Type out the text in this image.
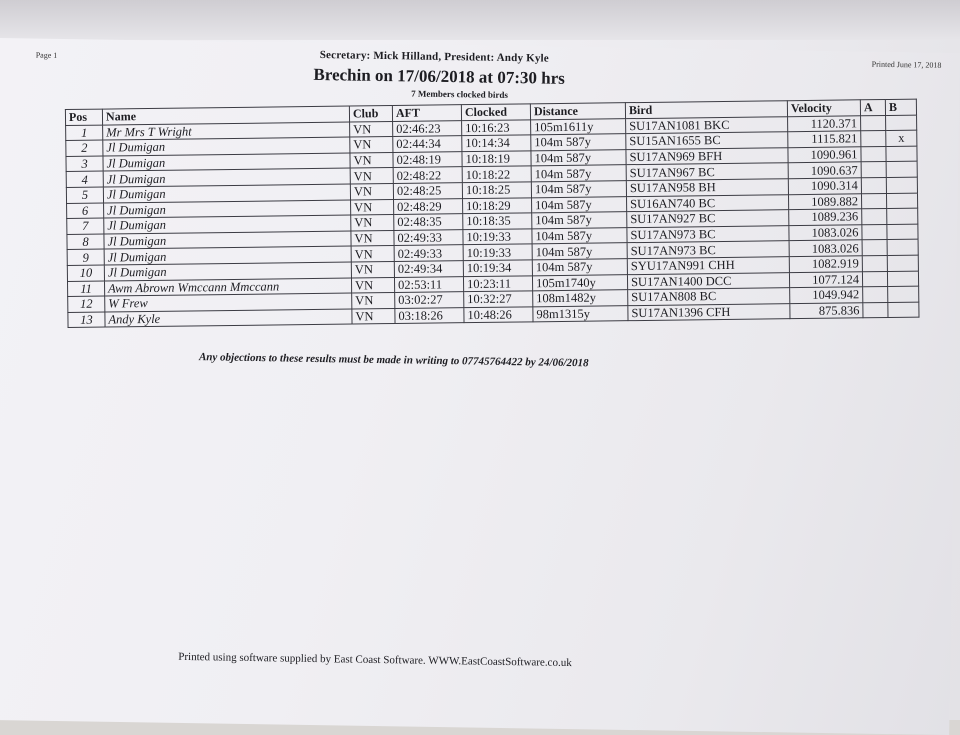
Page 1
Printed June 17, 2018
Secretary: Mick Hilland, President: Andy Kyle
Brechin on 17/06/2018 at 07:30 hrs
7 Members clocked birds
Pos	Name	Club	AFT	Clocked	Distance	Bird	Velocity	A	B
1	Mr Mrs T Wright	VN	02:46:23	10:16:23	105m1611y	SU17AN1081 BKC	1120.371		
2	Jl Dumigan	VN	02:44:34	10:14:34	104m 587y	SU15AN1655 BC	1115.821		x
3	Jl Dumigan	VN	02:48:19	10:18:19	104m 587y	SU17AN969 BFH	1090.961		
4	Jl Dumigan	VN	02:48:22	10:18:22	104m 587y	SU17AN967 BC	1090.637		
5	Jl Dumigan	VN	02:48:25	10:18:25	104m 587y	SU17AN958 BH	1090.314		
6	Jl Dumigan	VN	02:48:29	10:18:29	104m 587y	SU16AN740 BC	1089.882		
7	Jl Dumigan	VN	02:48:35	10:18:35	104m 587y	SU17AN927 BC	1089.236		
8	Jl Dumigan	VN	02:49:33	10:19:33	104m 587y	SU17AN973 BC	1083.026		
9	Jl Dumigan	VN	02:49:33	10:19:33	104m 587y	SU17AN973 BC	1083.026		
10	Jl Dumigan	VN	02:49:34	10:19:34	104m 587y	SYU17AN991 CHH	1082.919		
11	Awm Abrown Wmccann Mmccann	VN	02:53:11	10:23:11	105m1740y	SU17AN1400 DCC	1077.124		
12	W Frew	VN	03:02:27	10:32:27	108m1482y	SU17AN808 BC	1049.942		
13	Andy Kyle	VN	03:18:26	10:48:26	98m1315y	SU17AN1396 CFH	875.836		
Any objections to these results must be made in writing to 07745764422 by 24/06/2018
Printed using software supplied by East Coast Software. WWW.EastCoastSoftware.co.uk
